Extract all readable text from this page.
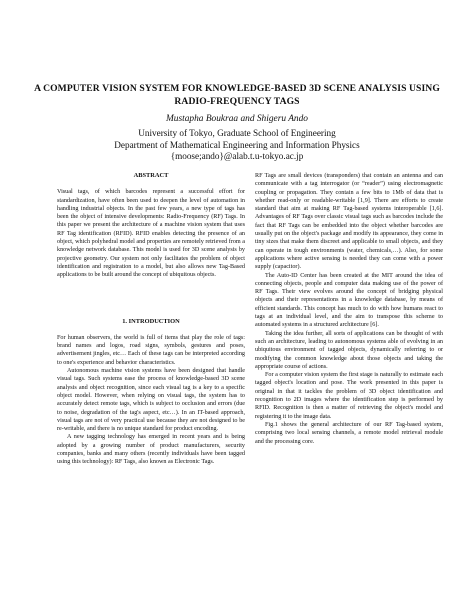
A COMPUTER VISION SYSTEM FOR KNOWLEDGE-BASED 3D SCENE ANALYSIS USING RADIO-FREQUENCY TAGS
Mustapha Boukraa and Shigeru Ando
University of Tokyo, Graduate School of Engineering
Department of Mathematical Engineering and Information Physics
{moose;ando}@alab.t.u-tokyo.ac.jp
ABSTRACT

Visual tags, of which barcodes represent a successful effort for standardization, have often been used to deepen the level of automation in handling industrial objects. In the past few years, a new type of tags has been the object of intensive developments: Radio-Frequency (RF) Tags. In this paper we present the architecture of a machine vision system that uses RF Tag identification (RFID). RFID enables detecting the presence of an object, which polyhedral model and properties are remotely retrieved from a knowledge network database. This model is used for 3D scene analysis by projective geometry. Our system not only facilitates the problem of object identification and registration to a model, but also allows new Tag-Based applications to be built around the concept of ubiquitous objects.

1. INTRODUCTION

For human observers, the world is full of items that play the role of tags: brand names and logos, road signs, symbols, gestures and poses, advertisement jingles, etc… Each of these tags can be interpreted according to one's experience and behavior characteristics.

Autonomous machine vision systems have been designed that handle visual tags. Such systems ease the process of knowledge-based 3D scene analysis and object recognition, since each visual tag is a key to a specific object model. However, when relying on visual tags, the system has to accurately detect remote tags, which is subject to occlusion and errors (due to noise, degradation of the tag's aspect, etc…). In an IT-based approach, visual tags are not of very practical use because they are not designed to be re-writable, and there is no unique standard for product encoding.

A new tagging technology has emerged in recent years and is being adopted by a growing number of product manufacturers, security companies, banks and many others (recently individuals have been tagged using this technology): RF Tags, also known as Electronic Tags.

RF Tags are small devices (transponders) that contain an antenna and can communicate with a tag interrogator (or “reader”) using electromagnetic coupling or propagation. They contain a few bits to 1Mb of data that is whether read-only or readable-writable [1,9]. There are efforts to create standard that aim at making RF Tag-based systems interoperable [1,6]. Advantages of RF Tags over classic visual tags such as barcodes include the fact that RF Tags can be embedded into the object whether barcodes are usually put on the object's package and modify its appearance, they come in tiny sizes that make them discreet and applicable to small objects, and they can operate in tough environments (water, chemicals,…). Also, for some applications where active sensing is needed they can come with a power supply (capacitor).

The Auto-ID Center has been created at the MIT around the idea of connecting objects, people and computer data making use of the power of RF Tags. Their view evolves around the concept of bridging physical objects and their representations in a knowledge database, by means of efficient standards. This concept has much to do with how humans react to tags at an individual level, and the aim to transpose this scheme to automated systems in a structured architecture [6].

Taking the idea further, all sorts of applications can be thought of with such an architecture, leading to autonomous systems able of evolving in an ubiquitous environment of tagged objects, dynamically referring to or modifying the common knowledge about those objects and taking the appropriate course of actions.

For a computer vision system the first stage is naturally to estimate each tagged object's location and pose. The work presented in this paper is original in that it tackles the problem of 3D object identification and recognition to 2D images where the identification step is performed by RFID. Recognition is then a matter of retrieving the object's model and registering it to the image data.

Fig.1 shows the general architecture of our RF Tag-based system, comprising two local sensing channels, a remote model retrieval module and the processing core.
